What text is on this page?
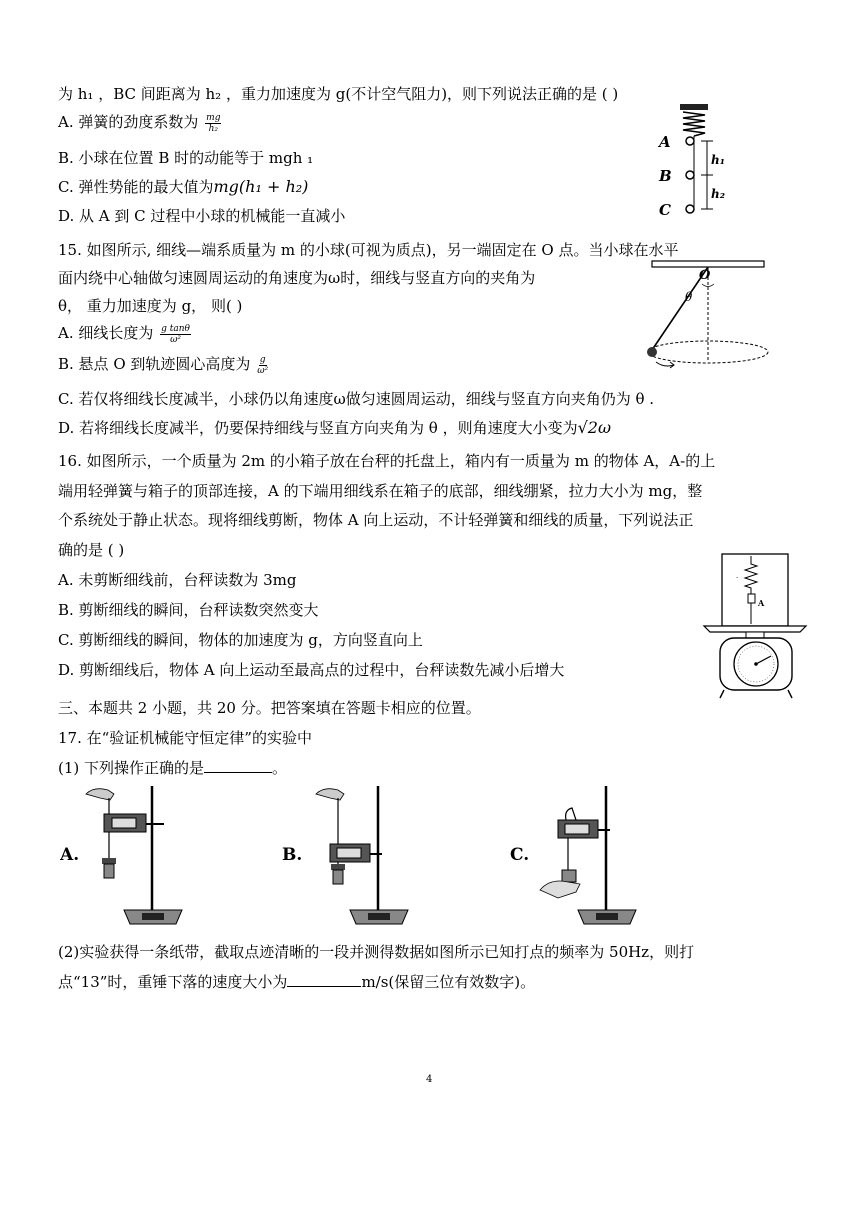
为 h₁ ，BC 间距离为 h₂ ，重力加速度为 g(不计空气阻力)，则下列说法正确的是 ( )
A. 弹簧的劲度系数为 $\frac{mg}{\text{h₂}}$
B. 小球在位置 B 时的动能等于 mgh ₁
C. 弹性势能的最大值为mg(h₁ + h₂)
D. 从 A 到 C 过程中小球的机械能一直减小
A
B
C
h₁
h₂
15. 如图所示, 细线—端系质量为 m 的小球(可视为质点)，另一端固定在 O 点。当小球在水平
面内绕中心轴做匀速圆周运动的角速度为ω时，细线与竖直方向的夹角为
θ， 重力加速度为 g， 则( )
A. 细线长度为 $\frac{\text{g tanθ}}{\text{ω²}}$
B. 悬点 O 到轨迹圆心高度为 $\frac{g}{\text{ω²}}$
C. 若仅将细线长度减半，小球仍以角速度ω做匀速圆周运动，细线与竖直方向夹角仍为 θ .
D. 若将细线长度减半，仍要保持细线与竖直方向夹角为 θ ，则角速度大小变为√2ω
O
θ
16. 如图所示，一个质量为 2m 的小箱子放在台秤的托盘上，箱内有一质量为 m 的物体 A，A-的上
端用轻弹簧与箱子的顶部连接，A 的下端用细线系在箱子的底部，细线绷紧，拉力大小为 mg，整
个系统处于静止状态。现将细线剪断，物体 A 向上运动，不计轻弹簧和细线的质量，下列说法正
确的是 ( )
A. 未剪断细线前，台秤读数为 3mg
B. 剪断细线的瞬间，台秤读数突然变大
C. 剪断细线的瞬间，物体的加速度为 g，方向竖直向上
D. 剪断细线后，物体 A 向上运动至最高点的过程中，台秤读数先减小后增大
A
·
三、本题共 2 小题，共 20 分。把答案填在答题卡相应的位置。
17. 在“验证机械能守恒定律”的实验中
(1) 下列操作正确的是	。
A.	B.	C.
(2)实验获得一条纸带，截取点迹清晰的一段并测得数据如图所示已知打点的频率为 50Hz，则打
点“13”时，重锤下落的速度大小为	m/s(保留三位有效数字)。
4
